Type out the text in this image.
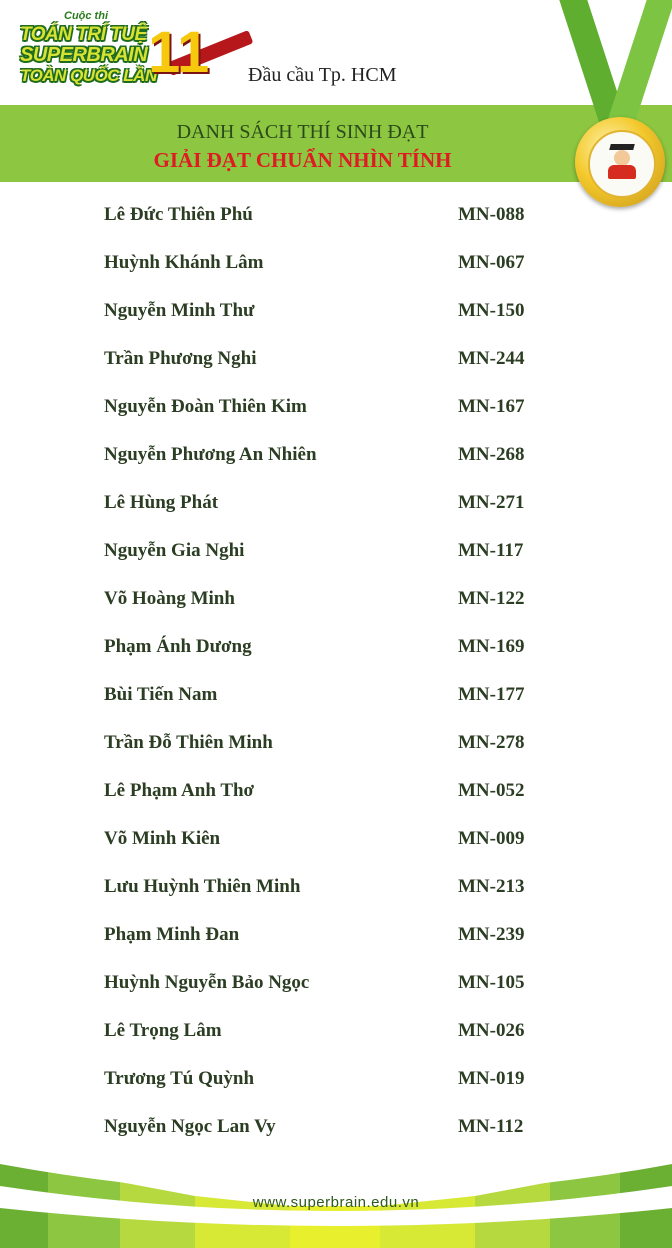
Cuộc thi
TOÁN TRÍ TUỆ
SUPERBRAIN
TOÀN QUỐC LẦN
11 Đầu cầu Tp. HCM
DANH SÁCH THÍ SINH ĐẠT
GIẢI ĐẠT CHUẨN NHÌN TÍNH
Lê Đức Thiên Phú	MN-088
Huỳnh Khánh Lâm	MN-067
Nguyễn Minh Thư	MN-150
Trần Phương Nghi	MN-244
Nguyễn Đoàn Thiên Kim	MN-167
Nguyễn Phương An Nhiên	MN-268
Lê Hùng Phát	MN-271
Nguyễn Gia Nghi	MN-117
Võ Hoàng Minh	MN-122
Phạm Ánh Dương	MN-169
Bùi Tiến Nam	MN-177
Trần Đỗ Thiên Minh	MN-278
Lê Phạm Anh Thơ	MN-052
Võ Minh Kiên	MN-009
Lưu Huỳnh Thiên Minh	MN-213
Phạm Minh Đan	MN-239
Huỳnh Nguyễn Bảo Ngọc	MN-105
Lê Trọng Lâm	MN-026
Trương Tú Quỳnh	MN-019
Nguyễn Ngọc Lan Vy	MN-112
www.superbrain.edu.vn
